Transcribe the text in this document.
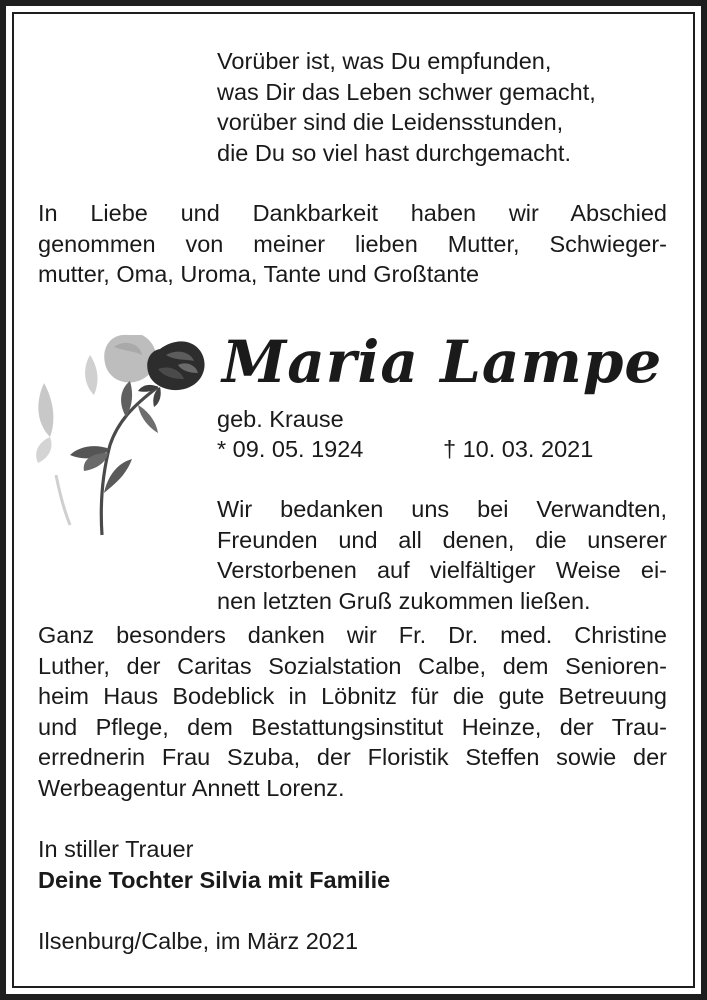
Vorüber ist, was Du empfunden,
was Dir das Leben schwer gemacht,
vorüber sind die Leidensstunden,
die Du so viel hast durchgemacht.
In Liebe und Dankbarkeit haben wir Abschied
genommen von meiner lieben Mutter, Schwieger-
mutter, Oma, Uroma, Tante und Großtante
Maria Lampe
geb. Krause
* 09. 05. 1924	† 10. 03. 2021
Wir bedanken uns bei Verwandten,
Freunden und all denen, die unserer
Verstorbenen auf vielfältiger Weise ei-
nen letzten Gruß zukommen ließen.
Ganz besonders danken wir Fr. Dr. med. Christine
Luther, der Caritas Sozialstation Calbe, dem Senioren-
heim Haus Bodeblick in Löbnitz für die gute Betreuung
und Pflege, dem Bestattungsinstitut Heinze, der Trau-
errednerin Frau Szuba, der Floristik Steffen sowie der
Werbeagentur Annett Lorenz.
In stiller Trauer
Deine Tochter Silvia mit Familie
Ilsenburg/Calbe, im März 2021
